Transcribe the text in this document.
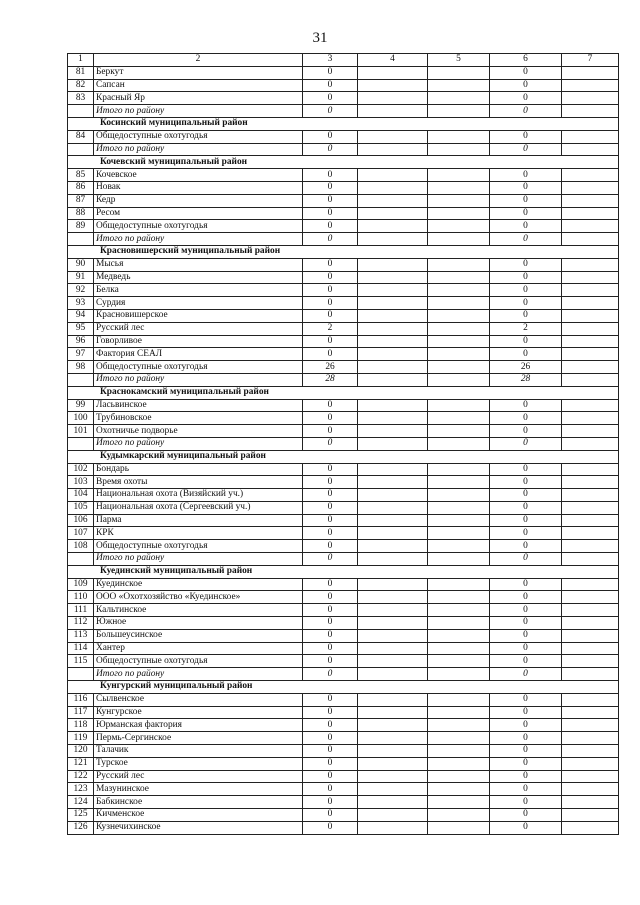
31
1	2	3	4	5	6	7
81	Беркут	0			0	
82	Сапсан	0			0	
83	Красный Яр	0			0	
	Итого по району	0			0	
Косинский муниципальный район						
84	Общедоступные охотугодья	0			0	
	Итого по району	0			0	
Кочевский муниципальный район						
85	Кочевское	0			0	
86	Новак	0			0	
87	Кедр	0			0	
88	Ресом	0			0	
89	Общедоступные охотугодья	0			0	
	Итого по району	0			0	
Красновишерский муниципальный район						
90	Мысья	0			0	
91	Медведь	0			0	
92	Белка	0			0	
93	Сурдия	0			0	
94	Красновишерское	0			0	
95	Русский лес	2			2	
96	Говорливое	0			0	
97	Фактория СЕАЛ	0			0	
98	Общедоступные охотугодья	26			26	
	Итого по району	28			28	
Краснокамский муниципальный район						
99	Ласьвинское	0			0	
100	Трубиновское	0			0	
101	Охотничье подворье	0			0	
	Итого по району	0			0	
Кудымкарский муниципальный район						
102	Бондарь	0			0	
103	Время охоты	0			0	
104	Национальная охота (Визяйский уч.)	0			0	
105	Национальная охота (Сергеевский уч.)	0			0	
106	Парма	0			0	
107	КРК	0			0	
108	Общедоступные охотугодья	0			0	
	Итого по району	0			0	
Куединский муниципальный район						
109	Куединское	0			0	
110	ООО «Охотхозяйство «Куединское»	0			0	
111	Кальтинское	0			0	
112	Южное	0			0	
113	Большеусинское	0			0	
114	Хантер	0			0	
115	Общедоступные охотугодья	0			0	
	Итого по району	0			0	
Кунгурский муниципальный район						
116	Сылвенское	0			0	
117	Кунгурское	0			0	
118	Юрманская фактория	0			0	
119	Пермь-Сергинское	0			0	
120	Талачик	0			0	
121	Турское	0			0	
122	Русский лес	0			0	
123	Мазунинское	0			0	
124	Бабкинское	0			0	
125	Кичменское	0			0	
126	Кузнечихинское	0			0	
